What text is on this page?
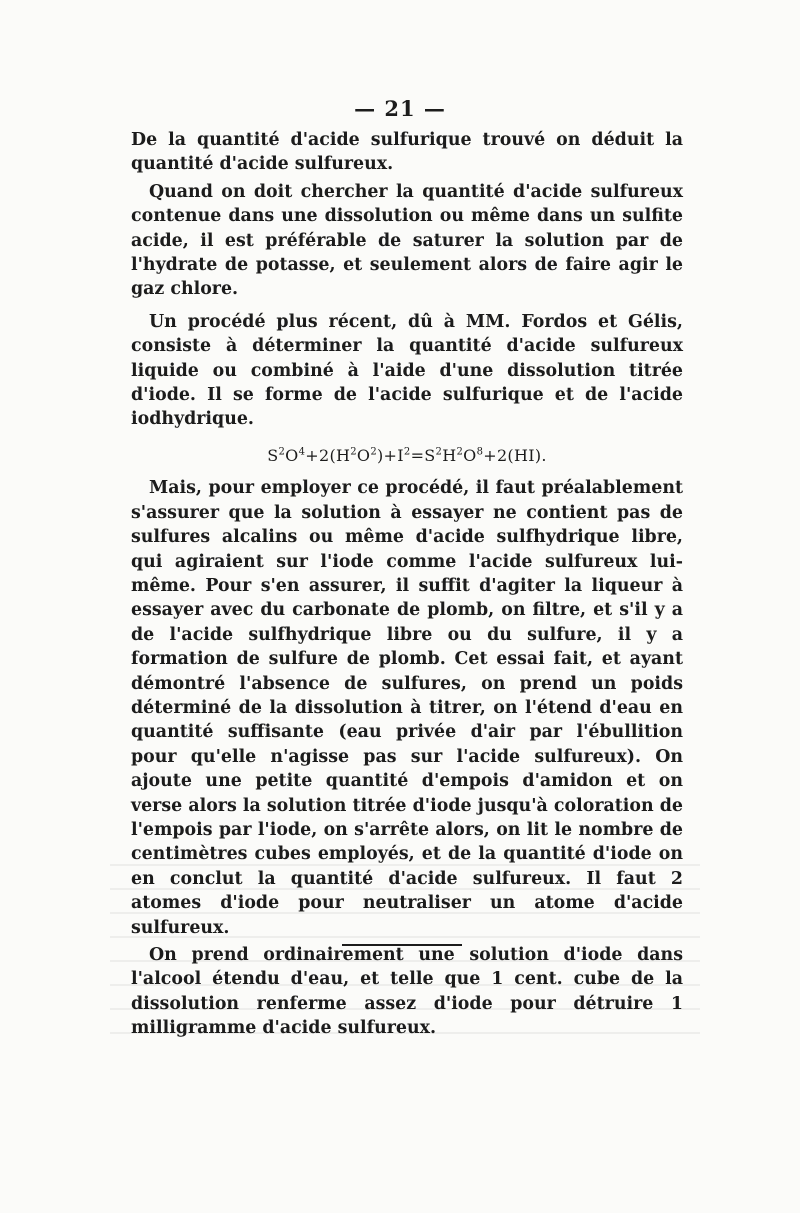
— 21 —

De la quantité d'acide sulfurique trouvé on déduit la quantité d'acide sulfureux.

Quand on doit chercher la quantité d'acide sulfureux contenue dans une dissolution ou même dans un sulfite acide, il est préférable de saturer la solution par de l'hydrate de potasse, et seulement alors de faire agir le gaz chlore.

Un procédé plus récent, dû à MM. Fordos et Gélis, consiste à déterminer la quantité d'acide sulfureux liquide ou combiné à l'aide d'une dissolution titrée d'iode. Il se forme de l'acide sulfurique et de l'acide iodhydrique.

$S^2O^4+2(H^2O^2)+I^2=S^2H^2O^8+2(HI)$.

Mais, pour employer ce procédé, il faut préalablement s'assurer que la solution à essayer ne contient pas de sulfures alcalins ou même d'acide sulfhydrique libre, qui agiraient sur l'iode comme l'acide sulfureux lui-même. Pour s'en assurer, il suffit d'agiter la liqueur à essayer avec du carbonate de plomb, on filtre, et s'il y a de l'acide sulfhydrique libre ou du sulfure, il y a formation de sulfure de plomb. Cet essai fait, et ayant démontré l'absence de sulfures, on prend un poids déterminé de la dissolution à titrer, on l'étend d'eau en quantité suffisante (eau privée d'air par l'ébullition pour qu'elle n'agisse pas sur l'acide sulfureux). On ajoute une petite quantité d'empois d'amidon et on verse alors la solution titrée d'iode jusqu'à coloration de l'empois par l'iode, on s'arrête alors, on lit le nombre de centimètres cubes employés, et de la quantité d'iode on en conclut la quantité d'acide sulfureux. Il faut 2 atomes d'iode pour neutraliser un atome d'acide sulfureux.

On prend ordinairement une solution d'iode dans l'alcool étendu d'eau, et telle que 1 cent. cube de la dissolution renferme assez d'iode pour détruire 1 milligramme d'acide sulfureux.
